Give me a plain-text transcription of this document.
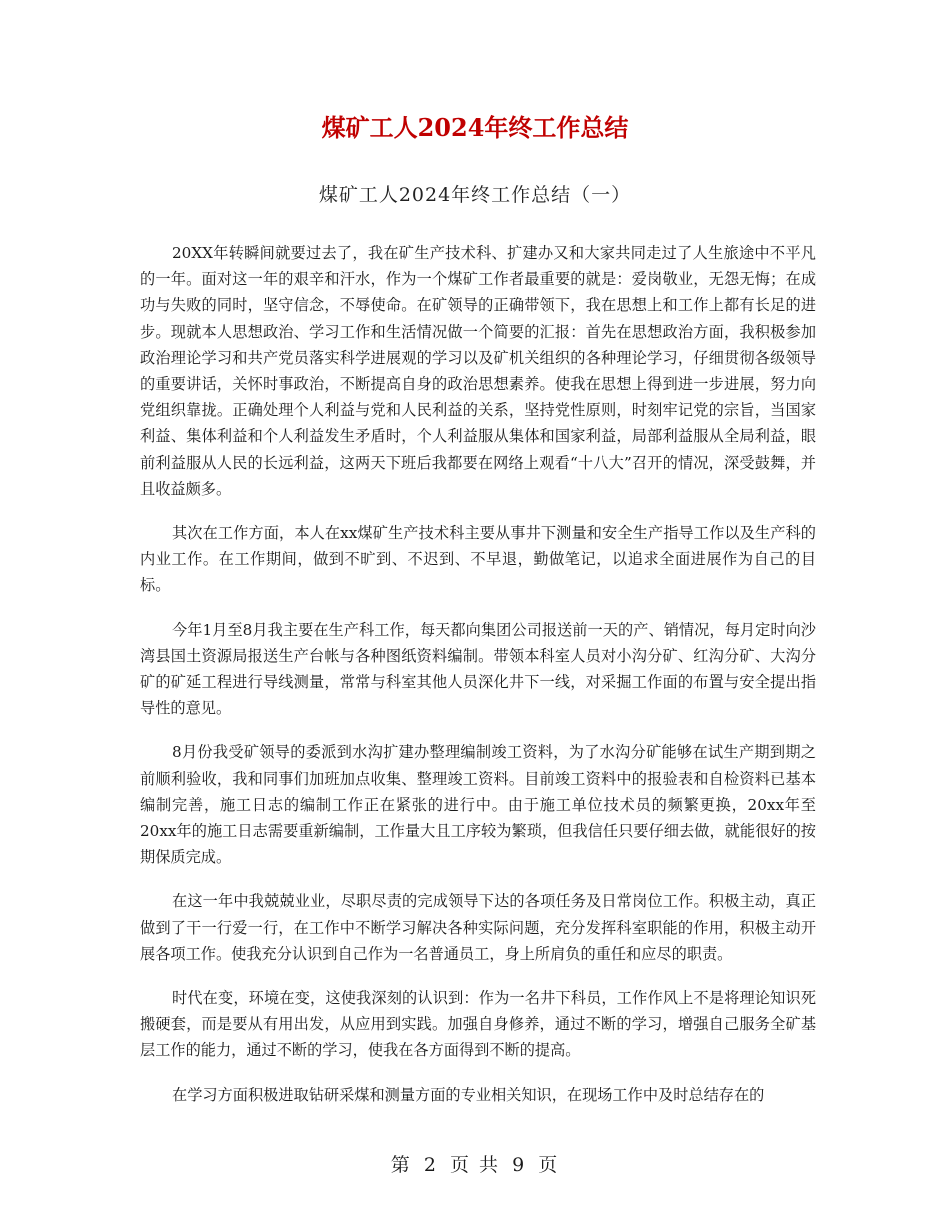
煤矿工人2024年终工作总结
煤矿工人2024年终工作总结（一）

20XX年转瞬间就要过去了，我在矿生产技术科、扩建办又和大家共同走过了人生旅途中不平凡的一年。面对这一年的艰辛和汗水，作为一个煤矿工作者最重要的就是：爱岗敬业，无怨无悔；在成功与失败的同时，坚守信念，不辱使命。在矿领导的正确带领下，我在思想上和工作上都有长足的进步。现就本人思想政治、学习工作和生活情况做一个简要的汇报：首先在思想政治方面，我积极参加政治理论学习和共产党员落实科学进展观的学习以及矿机关组织的各种理论学习，仔细贯彻各级领导的重要讲话，关怀时事政治，不断提高自身的政治思想素养。使我在思想上得到进一步进展，努力向党组织靠拢。正确处理个人利益与党和人民利益的关系，坚持党性原则，时刻牢记党的宗旨，当国家利益、集体利益和个人利益发生矛盾时，个人利益服从集体和国家利益，局部利益服从全局利益，眼前利益服从人民的长远利益，这两天下班后我都要在网络上观看“十八大”召开的情况，深受鼓舞，并且收益颇多。

其次在工作方面，本人在xx煤矿生产技术科主要从事井下测量和安全生产指导工作以及生产科的内业工作。在工作期间，做到不旷到、不迟到、不早退，勤做笔记，以追求全面进展作为自己的目标。

今年1月至8月我主要在生产科工作，每天都向集团公司报送前一天的产、销情况，每月定时向沙湾县国土资源局报送生产台帐与各种图纸资料编制。带领本科室人员对小沟分矿、红沟分矿、大沟分矿的矿延工程进行导线测量，常常与科室其他人员深化井下一线，对采掘工作面的布置与安全提出指导性的意见。

8月份我受矿领导的委派到水沟扩建办整理编制竣工资料，为了水沟分矿能够在试生产期到期之前顺利验收，我和同事们加班加点收集、整理竣工资料。目前竣工资料中的报验表和自检资料已基本编制完善，施工日志的编制工作正在紧张的进行中。由于施工单位技术员的频繁更换，20xx年至20xx年的施工日志需要重新编制，工作量大且工序较为繁琐，但我信任只要仔细去做，就能很好的按期保质完成。

在这一年中我兢兢业业，尽职尽责的完成领导下达的各项任务及日常岗位工作。积极主动，真正做到了干一行爱一行，在工作中不断学习解决各种实际问题，充分发挥科室职能的作用，积极主动开展各项工作。使我充分认识到自己作为一名普通员工，身上所肩负的重任和应尽的职责。

时代在变，环境在变，这使我深刻的认识到：作为一名井下科员，工作作风上不是将理论知识死搬硬套，而是要从有用出发，从应用到实践。加强自身修养，通过不断的学习，增强自己服务全矿基层工作的能力，通过不断的学习，使我在各方面得到不断的提高。

在学习方面积极进取钻研采煤和测量方面的专业相关知识，在现场工作中及时总结存在的

第 2 页 共 9 页
